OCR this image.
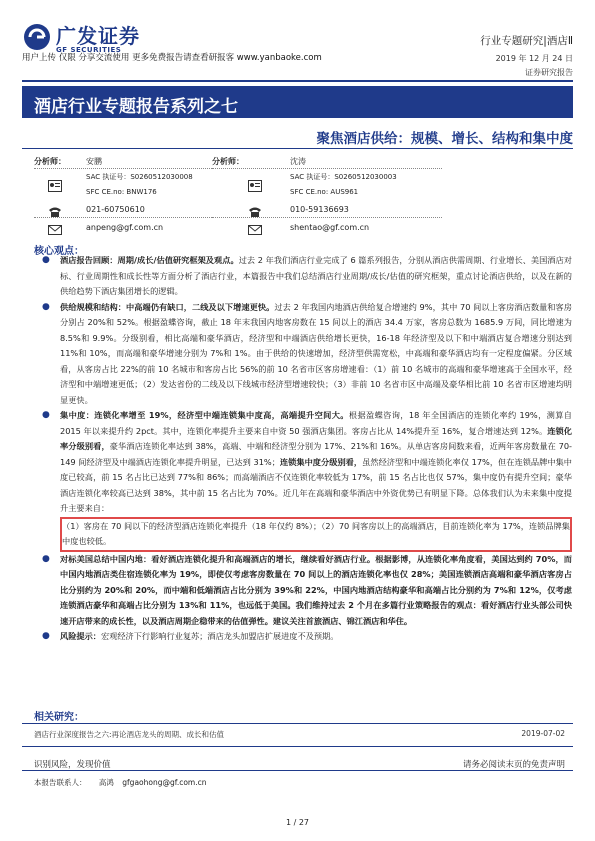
广发证券
GF SECURITIES
用户上传 仅限 分享交流使用 更多免费报告请查看研报客 www.yanbaoke.com
行业专题研究|酒店Ⅱ
2019 年 12 月 24 日
证券研究报告
酒店行业专题报告系列之七
聚焦酒店供给：规模、增长、结构和集中度
分析师：	安鹏
SAC 执证号：S0260512030008
SFC CE.no: BNW176
021-60750610
anpeng@gf.com.cn
分析师：	沈涛
SAC 执证号：S0260512030003
SFC CE.no: AUS961
010-59136693
shentao@gf.com.cn
核心观点：

● 酒店报告回顾：周期/成长/估值研究框架及观点。过去 2 年我们酒店行业完成了 6 篇系列报告，分别从酒店供需周期、行业增长、美国酒店对标、行业周期性和成长性等方面分析了酒店行业，本篇报告中我们总结酒店行业周期/成长/估值的研究框架，重点讨论酒店供给，以及在新的供给趋势下酒店集团增长的逻辑。

● 供给规模和结构：中高端仍有缺口，二线及以下增速更快。过去 2 年我国内地酒店供给复合增速约 9%，其中 70 间以上客房酒店数量和客房分别占 20%和 52%。根据盈蝶咨询，截止 18 年末我国内地客房数在 15 间以上的酒店 34.4 万家，客房总数为 1685.9 万间，同比增速为 8.5%和 9.9%。分级别看，相比高端和豪华酒店，经济型和中端酒店供给增长更快，16-18 年经济型及以下和中端酒店复合增速分别达到 11%和 10%，而高端和豪华增速分别为 7%和 1%。由于供给的快速增加，经济型供需宽松，中高端和豪华酒店均有一定程度偏紧。分区域看，从客房占比 22%的前 10 名城市和客房占比 56%的前 10 名省市区客房增速看：（1）前 10 名城市的高端和豪华增速高于全国水平，经济型和中端增速更低；（2）发达省份的二线及以下线城市经济型增速较快；（3）非前 10 名省市区中高端及豪华相比前 10 名省市区增速均明显更快。

● 集中度：连锁化率增至 19%，经济型中端连锁集中度高，高端提升空间大。根据盈蝶咨询，18 年全国酒店的连锁化率约 19%，测算自 2015 年以来提升约 2pct。其中，连锁化率提升主要来自中资 50 强酒店集团。客房占比从 14%提升至 16%，复合增速达到 12%。连锁化率分级别看，豪华酒店连锁化率达到 38%，高端、中端和经济型分别为 17%、21%和 16%。从单店客房间数来看，近两年客房数量在 70-149 间经济型及中端酒店连锁化率提升明显，已达到 31%；连锁集中度分级别看，虽然经济型和中端连锁化率仅 17%，但在连锁品牌中集中度已较高，前 15 名占比已达到 77%和 86%；而高端酒店不仅连锁化率较低为 17%，前 15 名占比也仅 57%，集中度仍有提升空间；豪华酒店连锁化率较高已达到 38%，其中前 15 名占比为 70%。近几年在高端和豪华酒店中外资优势已有明显下降。总体我们认为未来集中度提升主要来自：
（1）客房在 70 间以下的经济型酒店连锁化率提升（18 年仅约 8%）；（2）70 间客房以上的高端酒店，目前连锁化率为 17%，连锁品牌集中度也较低。

● 对标美国总结中国内地：看好酒店连锁化提升和高端酒店的增长，继续看好酒店行业。根据影博，从连锁化率角度看，美国达到约 70%，而中国内地酒店类住宿连锁化率为 19%，即使仅考虑客房数量在 70 间以上的酒店连锁化率也仅 28%；美国连锁酒店高端和豪华酒店客房占比分别约为 20%和 20%，而中端和低端酒店占比分别为 39%和 22%，中国内地酒店结构豪华和高端占比分别约为 7%和 12%，仅考虑连锁酒店豪华和高端占比分别为 13%和 11%，也远低于美国。我们维持过去 2 个月在多篇行业策略报告的观点：看好酒店行业头部公司快速开店带来的成长性，以及酒店周期企稳带来的估值弹性。建议关注首旅酒店、锦江酒店和华住。

● 风险提示：宏观经济下行影响行业复苏；酒店龙头加盟店扩展进度不及预期。

相关研究：
酒店行业深度报告之六:再论酒店龙头的周期、成长和估值	2019-07-02
识别风险，发现价值	请务必阅读末页的免责声明
本报告联系人： 高鸿 gfgaohong@gf.com.cn
1 / 27
